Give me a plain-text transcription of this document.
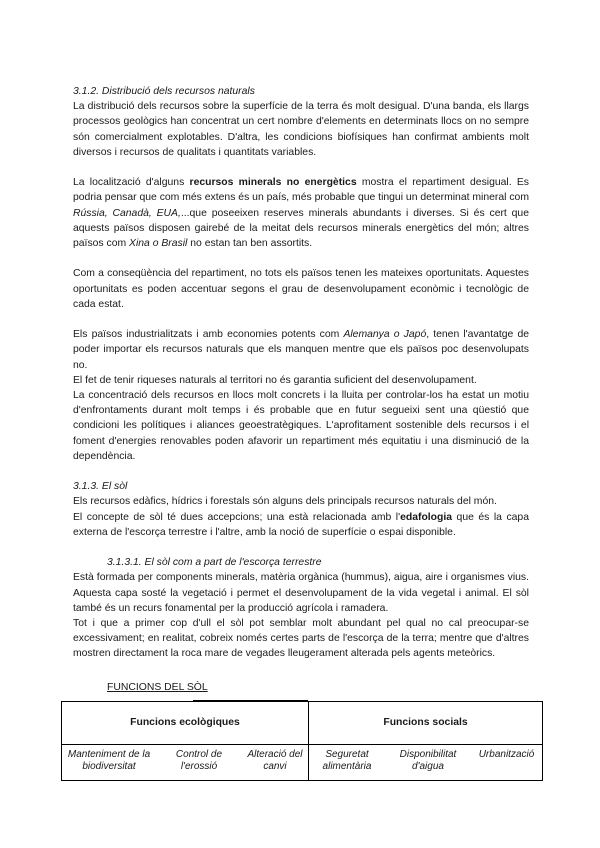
3.1.2. Distribució dels recursos naturals

La distribució dels recursos sobre la superfície de la terra és molt desigual. D'una banda, els llargs processos geològics han concentrat un cert nombre d'elements en determinats llocs on no sempre són comercialment explotables. D'altra, les condicions biofísiques han confirmat ambients molt diversos i recursos de qualitats i quantitats variables.

La localització d'alguns recursos minerals no energètics mostra el repartiment desigual. Es podria pensar que com més extens és un país, més probable que tingui un determinat mineral com Rússia, Canadà, EUA,...que poseeixen reserves minerals abundants i diverses. Si és cert que aquests països disposen gairebé de la meitat dels recursos minerals energètics del món; altres països com Xina o Brasil no estan tan ben assortits.

Com a conseqüència del repartiment, no tots els països tenen les mateixes oportunitats. Aquestes oportunitats es poden accentuar segons el grau de desenvolupament econòmic i tecnològic de cada estat.

Els països industrialitzats i amb economies potents com Alemanya o Japó, tenen l'avantatge de poder importar els recursos naturals que els manquen mentre que els països poc desenvolupats no.

El fet de tenir riqueses naturals al territori no és garantia suficient del desenvolupament.

La concentració dels recursos en llocs molt concrets i la lluita per controlar-los ha estat un motiu d'enfrontaments durant molt temps i és probable que en futur segueixi sent una qüestió que condicioni les polítiques i aliances geoestratègiques. L'aprofitament sostenible dels recursos i el foment d'energies renovables poden afavorir un repartiment més equitatiu i una disminució de la dependència.

3.1.3. El sòl

Els recursos edàfics, hídrics i forestals són alguns dels principals recursos naturals del món.

El concepte de sòl té dues accepcions; una està relacionada amb l'edafologia que és la capa externa de l'escorça terrestre i l'altre, amb la noció de superfície o espai disponible.

3.1.3.1. El sòl com a part de l'escorça terrestre

Està formada per components minerals, matèria orgànica (hummus), aigua, aire i organismes vius. Aquesta capa sosté la vegetació i permet el desenvolupament de la vida vegetal i animal. El sòl també és un recurs fonamental per la producció agrícola i ramadera.

Tot i que a primer cop d'ull el sòl pot semblar molt abundant pel qual no cal preocupar-se excessivament; en realitat, cobreix només certes parts de l'escorça de la terra; mentre que d'altres mostren directament la roca mare de vegades lleugerament alterada pels agents meteòrics.

FUNCIONS DEL SÒL

Funcions ecològiques			Funcions socials		
Manteniment de la biodiversitat	Control de l'erossió	Alteració del canvi	Seguretat alimentària	Disponibilitat d'aigua	Urbanització
